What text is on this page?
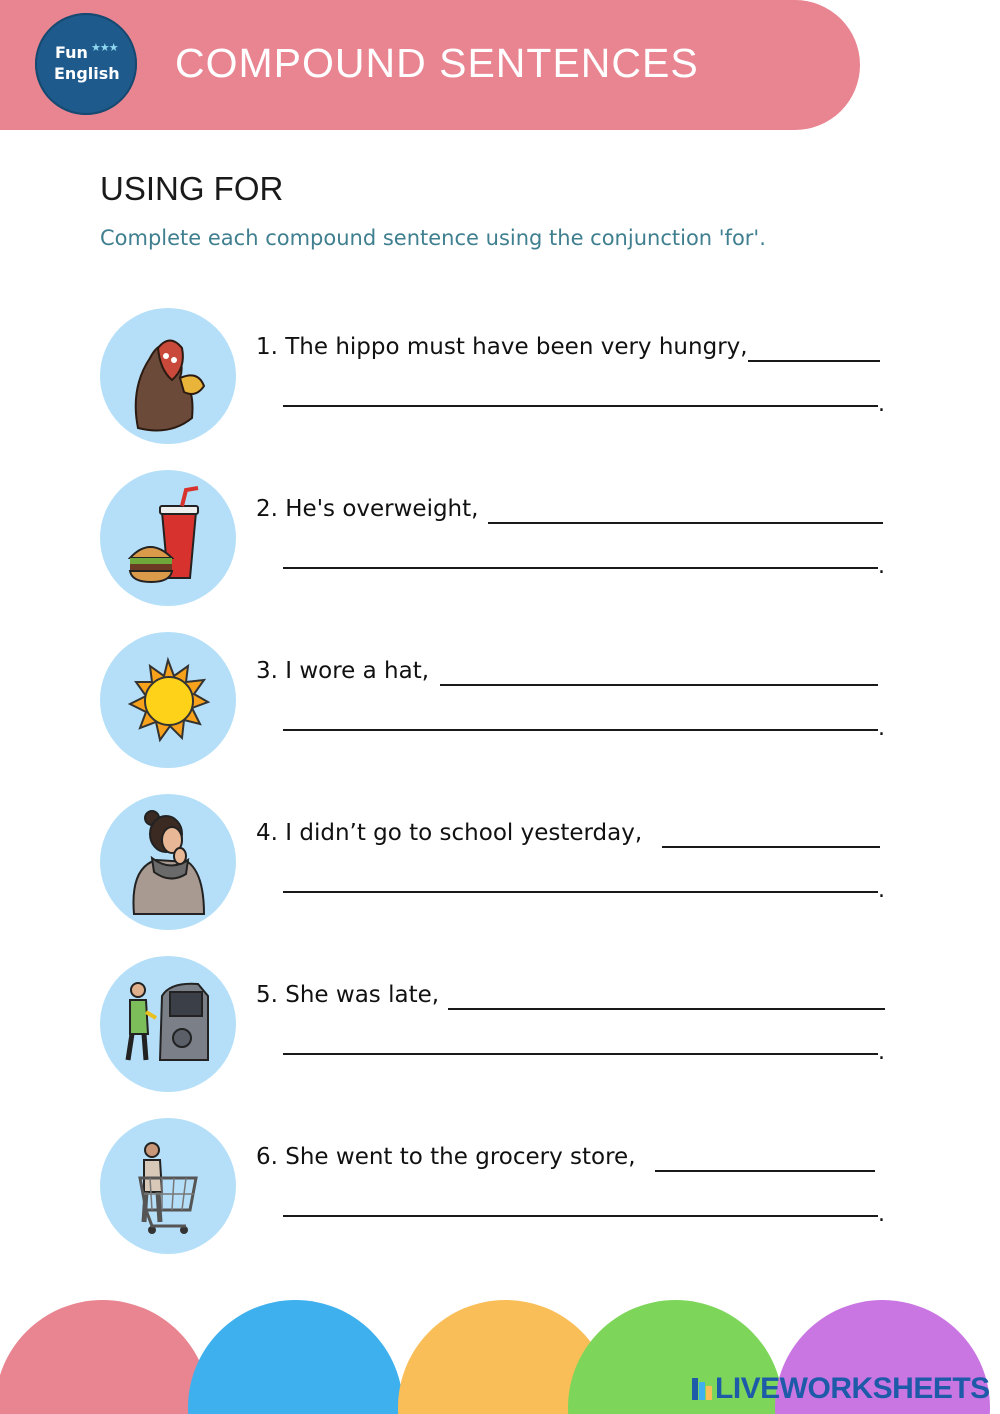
Fun ★★★
English COMPOUND SENTENCES
USING FOR
Complete each compound sentence using the conjunction 'for'.
1. The hippo must have been very hungry,
.
2. He's overweight,
.
3. I wore a hat,
.
4. I didn’t go to school yesterday,
.
5. She was late,
.
6. She went to the grocery store,
.
LIVEWORKSHEETS
